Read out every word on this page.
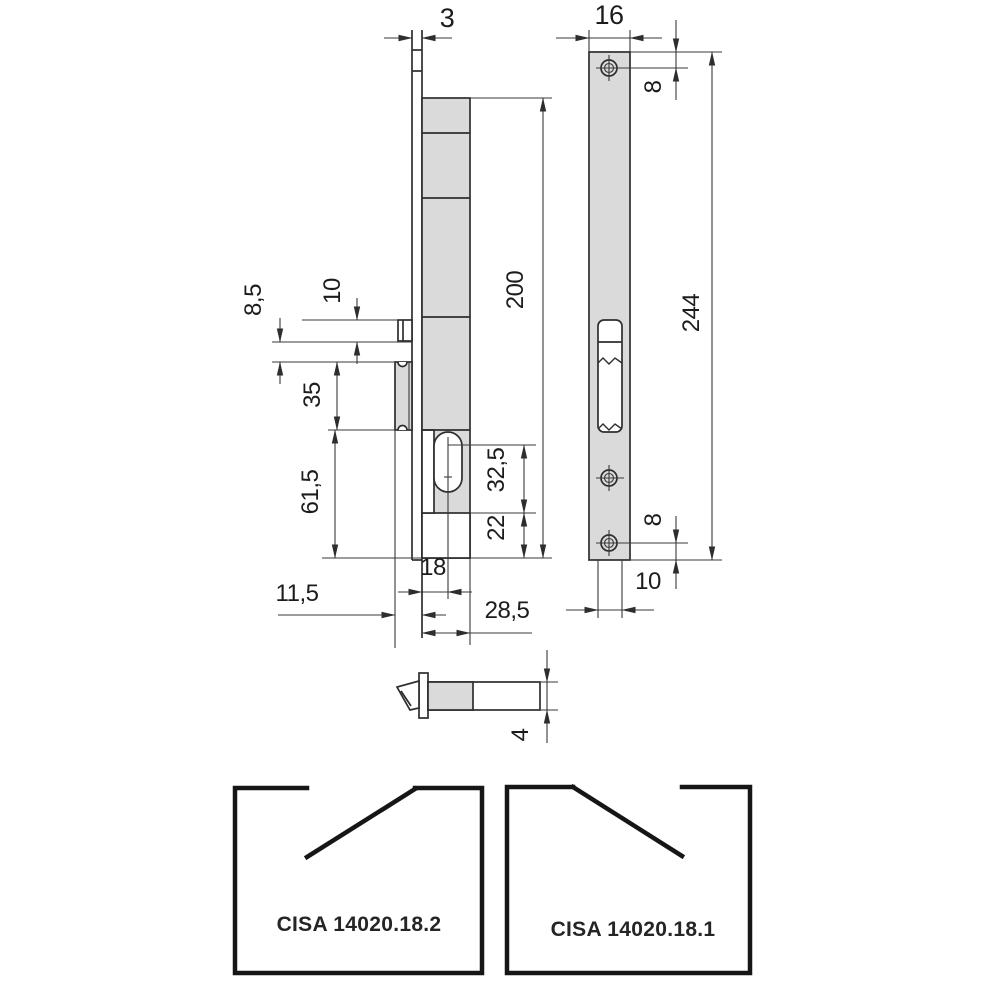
3
10
8,5
35
61,5	32,5
22
200
18
11,5
28,5
16
8
244
8
10
4
CISA 14020.18.2	CISA 14020.18.1
